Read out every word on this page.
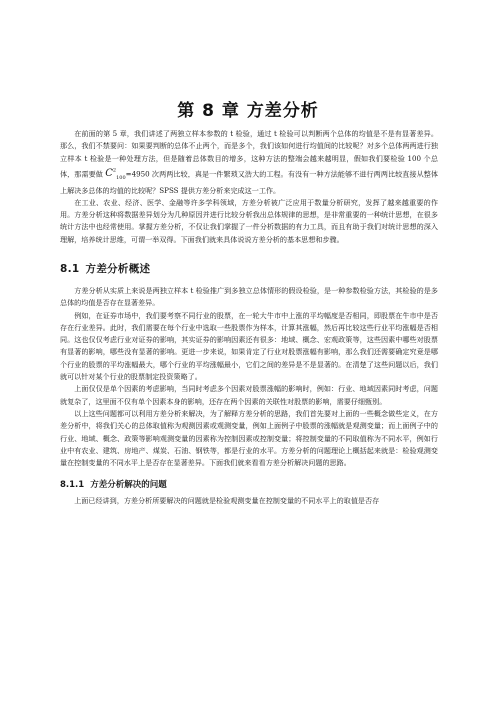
第 8 章 方差分析

在前面的第 5 章，我们讲述了两独立样本参数的 t 检验，通过 t 检验可以判断两个总体的均值是不是有显著差异。那么，我们不禁要问：如果要判断的总体不止两个，而是多个，我们该如何进行均值间的比较呢？对多个总体两两进行独立样本 t 检验是一种处理方法，但是随着总体数目的增多，这种方法的整端会越来越明显，假如我们要检验 100 个总体，那需要做 $C^2_{100}=4950$ 次两两比较，真是一件繁琐又浩大的工程。有没有一种方法能够不进行两两比较直接从整体上解决多总体的均值的比较呢？SPSS 提供方差分析来完成这一工作。

在工业、农业、经济、医学、金融等许多学科领域，方差分析被广泛应用于数量分析研究，发挥了越来越重要的作用。方差分析这种将数据差异划分为几种原因并进行比较分析我出总体规律的思想，是非常重要的一种统计思想，在很多统计方法中也经常使用。掌握方差分析，不仅让我们掌握了一件分析数据的有力工具，而且有助于我们对统计思想的深入理解，培养统计思维，可谓一举双得。下面我们就来具体说说方差分析的基本思想和步骤。

8.1 方差分析概述

方差分析从实质上来说是两独立样本 t 检验推广到多独立总体情形的假设检验，是一种参数检验方法，其检验的是多总体的均值是否存在显著差异。

例如，在证券市场中，我们要考察不同行业的股票，在一轮大牛市中上涨的平均幅度是否相同，即股票在牛市中是否存在行业差异。此时，我们需要在每个行业中选取一些股票作为样本，计算其涨幅，然后再比较这些行业平均涨幅是否相同。这也仅仅考虑行业对证券的影响，其实证券的影响因素还有很多：地域、概念、宏观政策等，这些因素中哪些对股票有显著的影响，哪些没有显著的影响。更进一步来说，如果肯定了行业对股票涨幅有影响，那么我们还需要确定究竟是哪个行业的股票的平均涨幅最大，哪个行业的平均涨幅最小，它们之间的差异是不是显著的。在清楚了这些问题以后，我们就可以针对某个行业的股票制定投资策略了。

上面仅仅是单个因素的考虑影响，当同时考虑多个因素对股票涨幅的影响时，例如：行业、地域因素同时考虑，问题就复杂了，这里面不仅有单个因素本身的影响，还存在两个因素的关联性对股票的影响，需要仔细甄别。

以上这些问题都可以利用方差分析来解决，为了解释方差分析的思路，我们首先要对上面的一些概念做些定义，在方差分析中，将我们关心的总体取值称为观测因素或观测变量，例如上面例子中股票的涨幅就是观测变量；而上面例子中的行业、地域、概念、政策等影响观测变量的因素称为控制因素或控制变量；将控制变量的不同取值称为不同水平，例如行业中有农业、建筑、房地产、煤炭、石油、钢铁等，都是行业的水平。方差分析的问题理论上概括起来就是：检验观测变量在控制变量的不同水平上是否存在显著差异。下面我们就来看看方差分析解决问题的思路。

8.1.1 方差分析解决的问题

上面已经讲到，方差分析所要解决的问题就是检验观测变量在控制变量的不同水平上的取值是否存
